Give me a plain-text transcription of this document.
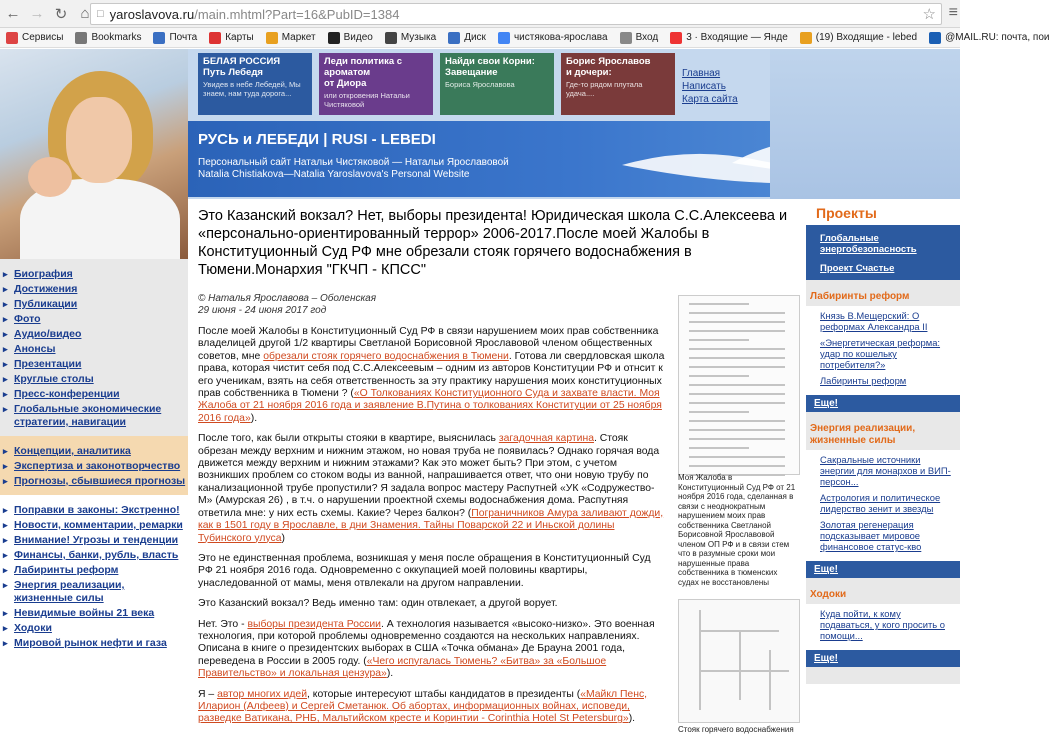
← → ↻ ⌂ □ yaroslavova.ru /main.mhtml?Part=16&PubID=1384	☆ ≡
Сервисы	Bookmarks	Почта	Карты	Маркет	Видео	Музыка	Диск	чистякова-ярослава	Вход	3 · Входящие — Янде	(19) Входящие - lebed	@MAIL.RU: почта, пои
▸ Биография
▸ Достижения
▸ Публикации
▸ Фото
▸ Аудио/видео
▸ Анонсы
▸ Презентации
▸ Круглые столы
▸ Пресс-конференции
▸ Глобальные экономические стратегии, навигации
▸ Концепции, аналитика
▸ Экспертиза и законотворчество
▸ Прогнозы, сбывшиеся прогнозы
▸ Поправки в законы: Экстренно!
▸ Новости, комментарии, ремарки
▸ Внимание! Угрозы и тенденции
▸ Финансы, банки, рубль, власть
▸ Лабиринты реформ
▸ Энергия реализации, жизненные силы
▸ Невидимые войны 21 века
▸ Ходоки
▸ Мировой рынок нефти и газа
БЕЛАЯ РОССИЯ
Путь Лебедя
Увидев в небе Лебедей, Мы знаем, нам туда дорога...
Леди политика с ароматом
от Диора
или откровения Натальи Чистяковой
Найди свои Корни:
Завещание
Бориса Ярославова
Борис Ярославов
и дочери:
Где-то рядом плутала удача....
Главная
Написать
Карта сайта
РУСЬ и ЛЕБЕДИ | RUSI - LEBEDI
Персональный сайт Натальи Чистяковой — Натальи Ярославовой
Natalia Chistiakova—Natalia Yaroslavova's Personal Website
Это Казанский вокзал? Нет, выборы президента! Юридическая школа С.С.Алексеева и «персонально-ориентированный террор» 2006-2017.После моей Жалобы в Конституционный Суд РФ мне обрезали стояк горячего водоснабжения в Тюмени.Монархия "ГКЧП - КПСС"
© Наталья Ярославова – Оболенская
29 июня - 24 июня 2017 год

После моей Жалобы в Конституционный Суд РФ в связи нарушением моих прав собственника владелицей другой 1/2 квартиры Светланой Борисовной Ярославовой членом общественных советов, мне обрезали стояк горячего водоснабжения в Тюмени. Готова ли свердловская школа права, которая чистит себя под С.С.Алексеевым – одним из авторов Конституции РФ и отнсит к его ученикам, взять на себя ответственность за эту практику нарушения моих конституционных прав собственника в Тюмени ? («О Толкованиях Конституционного Суда и захвате власти. Моя Жалоба от 21 ноября 2016 года и заявление В.Путина о толкованиях Конституции от 25 ноября 2016 года»).

После того, как были открыты стояки в квартире, выяснилась загадочная картина. Стояк обрезан между верхним и нижним этажом, но новая труба не появилась? Однако горячая вода движется между верхним и нижним этажами? Как это может быть? При этом, с учетом возникших проблем со стоком воды из ванной, напрашивается ответ, что они новую трубу по канализационной трубе пропустили? Я задала вопрос мастеру Распутней «УК «Содружество-М» (Амурская 26) , в т.ч. о нарушении проектной схемы водоснабжения дома. Распутняя ответила мне: у них есть схемы. Какие? Через балкон? (Пограничников Амура заливают дожди, как в 1501 году в Ярославле, в дни Знамения. Тайны Поварской 22 и Иньской долины Тубинского улуса)

Это не единственная проблема, возникшая у меня после обращения в Конституционный Суд РФ 21 ноября 2016 года. Одновременно с оккупацией моей половины квартиры, унаследованной от мамы, меня отвлекали на другом направлении.

Это Казанский вокзал? Ведь именно там: один отвлекает, а другой ворует.

Нет. Это - выборы президента России. А технология называется «высоко-низко». Это военная технология, при которой проблемы одновременно создаются на нескольких направлениях. Описана в книге о президентских выборах в США «Точка обмана» Де Брауна 2001 года, переведена в России в 2005 году. («Чего испугалась Тюмень? «Битва» за «Большое Правительство» и локальная цензура»).

Я – автор многих идей, которые интересуют штабы кандидатов в президенты («Майкл Пенс, Иларион (Алфеев) и Сергей Сметанюк. Об абортах, информационных войнах, исповеди, разведке Ватикана, РНБ, Мальтийском кресте и Коринтии - Corinthia Hotel St Petersburg»).

Моя Жалоба в Конституционный Суд РФ от 21 ноября 2016 года, сделанная в связи с неоднократным нарушением моих прав собственника Светланой Борисовной Ярославовой членом ОП РФ и в связи стем что в разумные сроки мои нарушенные права собственника в тюменских судах не восстановлены
Стояк горячего водоснабжения
Проекты
Глобальные энергобезопасность
Проект Счастье
Лабиринты реформ
Князь В.Мещерский: О реформах Александра II
«Энергетическая реформа: удар по кошельку потребителя?»
Лабиринты реформ
Еще!
Энергия реализации, жизненные силы
Сакральные источники энергии для монархов и ВИП-персон...
Астрология и политическое лидерство зенит и звезды
Золотая регенерация подсказывает мировое финансовое статус-кво
Еще!
Ходоки
Куда пойти, к кому подаваться, у кого просить о помощи...
Еще!
